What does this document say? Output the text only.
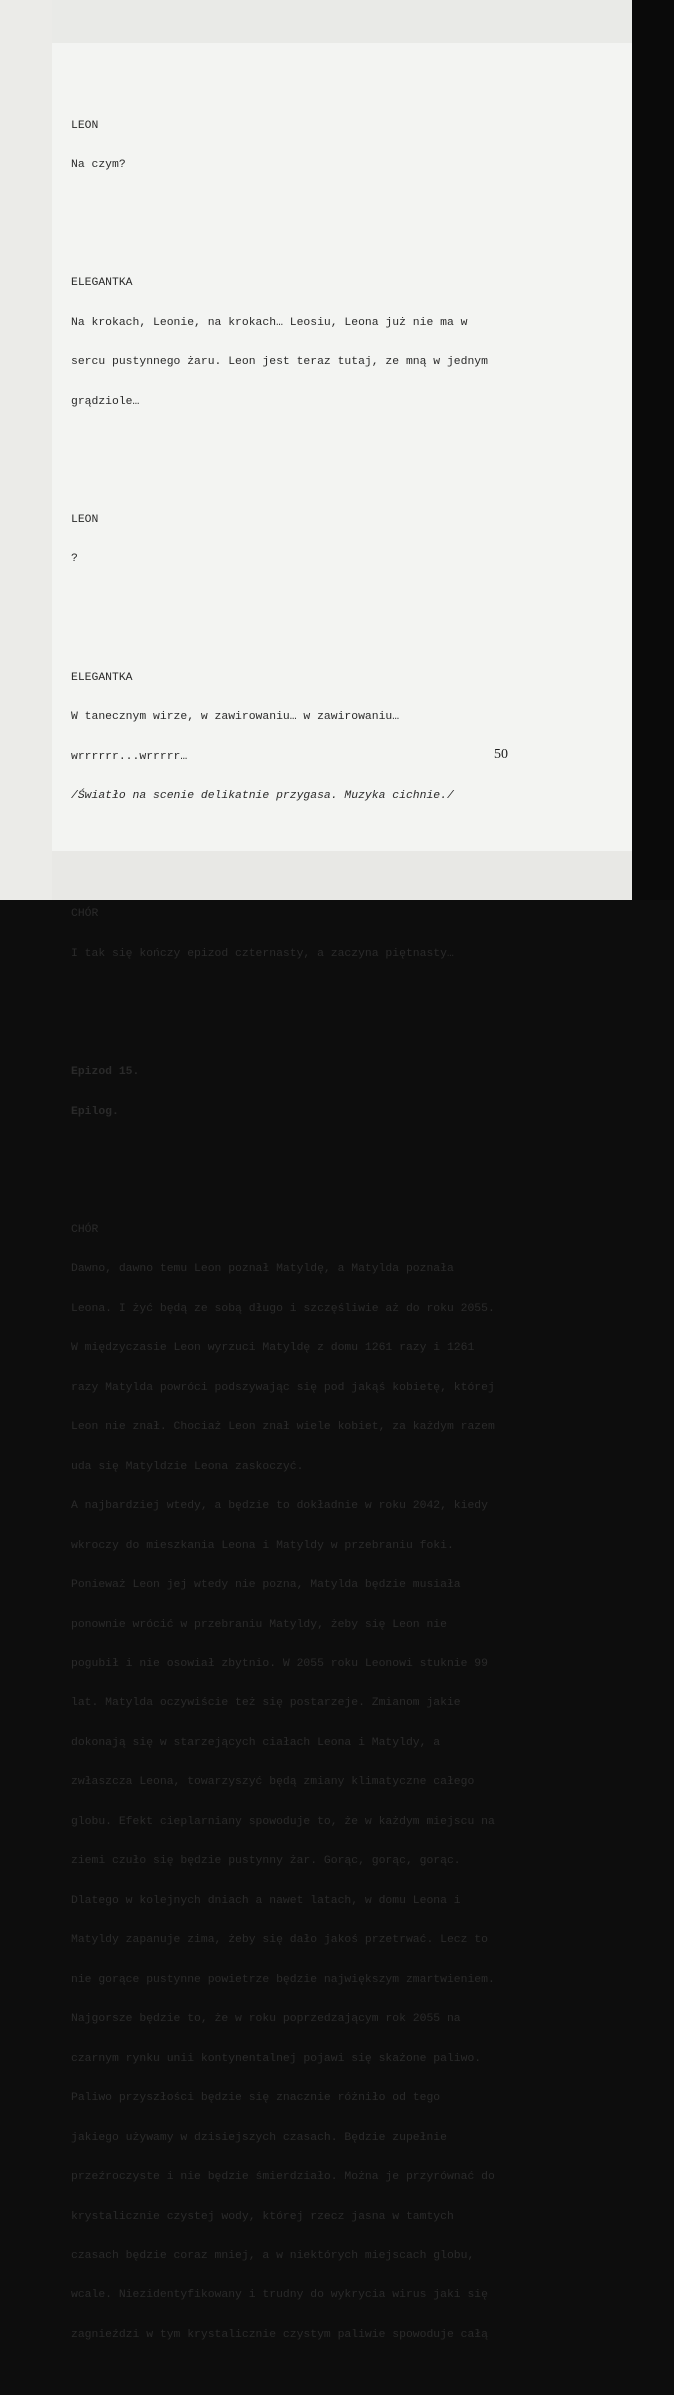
LEON

Na czym?

ELEGANTKA

Na krokach, Leonie, na krokach… Leosiu, Leona już nie ma w

sercu pustynnego żaru. Leon jest teraz tutaj, ze mną w jednym

grądziole…

LEON

?

ELEGANTKA

W tanecznym wirze, w zawirowaniu… w zawirowaniu…

wrrrrrr...wrrrrr…

/Światło na scenie delikatnie przygasa. Muzyka cichnie./

CHÓR

I tak się kończy epizod czternasty, a zaczyna piętnasty…

Epizod 15.

Epilog.

CHÓR

Dawno, dawno temu Leon poznał Matyldę, a Matylda poznała

Leona. I żyć będą ze sobą długo i szczęśliwie aż do roku 2055.

W międzyczasie Leon wyrzuci Matyldę z domu 1261 razy i 1261

razy Matylda powróci podszywając się pod jakąś kobietę, której

Leon nie znał. Chociaż Leon znał wiele kobiet, za każdym razem

uda się Matyldzie Leona zaskoczyć.

A najbardziej wtedy, a będzie to dokładnie w roku 2042, kiedy

wkroczy do mieszkania Leona i Matyldy w przebraniu foki.

Ponieważ Leon jej wtedy nie pozna, Matylda będzie musiała

ponownie wrócić w przebraniu Matyldy, żeby się Leon nie

pogubił i nie osowiał zbytnio. W 2055 roku Leonowi stuknie 99

lat. Matylda oczywiście też się postarzeje. Zmianom jakie

dokonają się w starzejących ciałach Leona i Matyldy, a

zwłaszcza Leona, towarzyszyć będą zmiany klimatyczne całego

globu. Efekt cieplarniany spowoduje to, że w każdym miejscu na

ziemi czuło się będzie pustynny żar. Gorąc, gorąc, gorąc.

Dlatego w kolejnych dniach a nawet latach, w domu Leona i

Matyldy zapanuje zima, żeby się dało jakoś przetrwać. Lecz to

nie gorące pustynne powietrze będzie największym zmartwieniem.

Najgorsze będzie to, że w roku poprzedzającym rok 2055 na

czarnym rynku unii kontynentalnej pojawi się skażone paliwo.

Paliwo przyszłości będzie się znacznie różniło od tego

jakiego używamy w dzisiejszych czasach. Będzie zupełnie

przeźroczyste i nie będzie śmierdziało. Można je przyrównać do

krystalicznie czystej wody, której rzecz jasna w tamtych

czasach będzie coraz mniej, a w niektórych miejscach globu,

wcale. Niezidentyfikowany i trudny do wykrycia wirus jaki się

zagnieździ w tym krystalicznie czystym paliwie spowoduje całą

50
